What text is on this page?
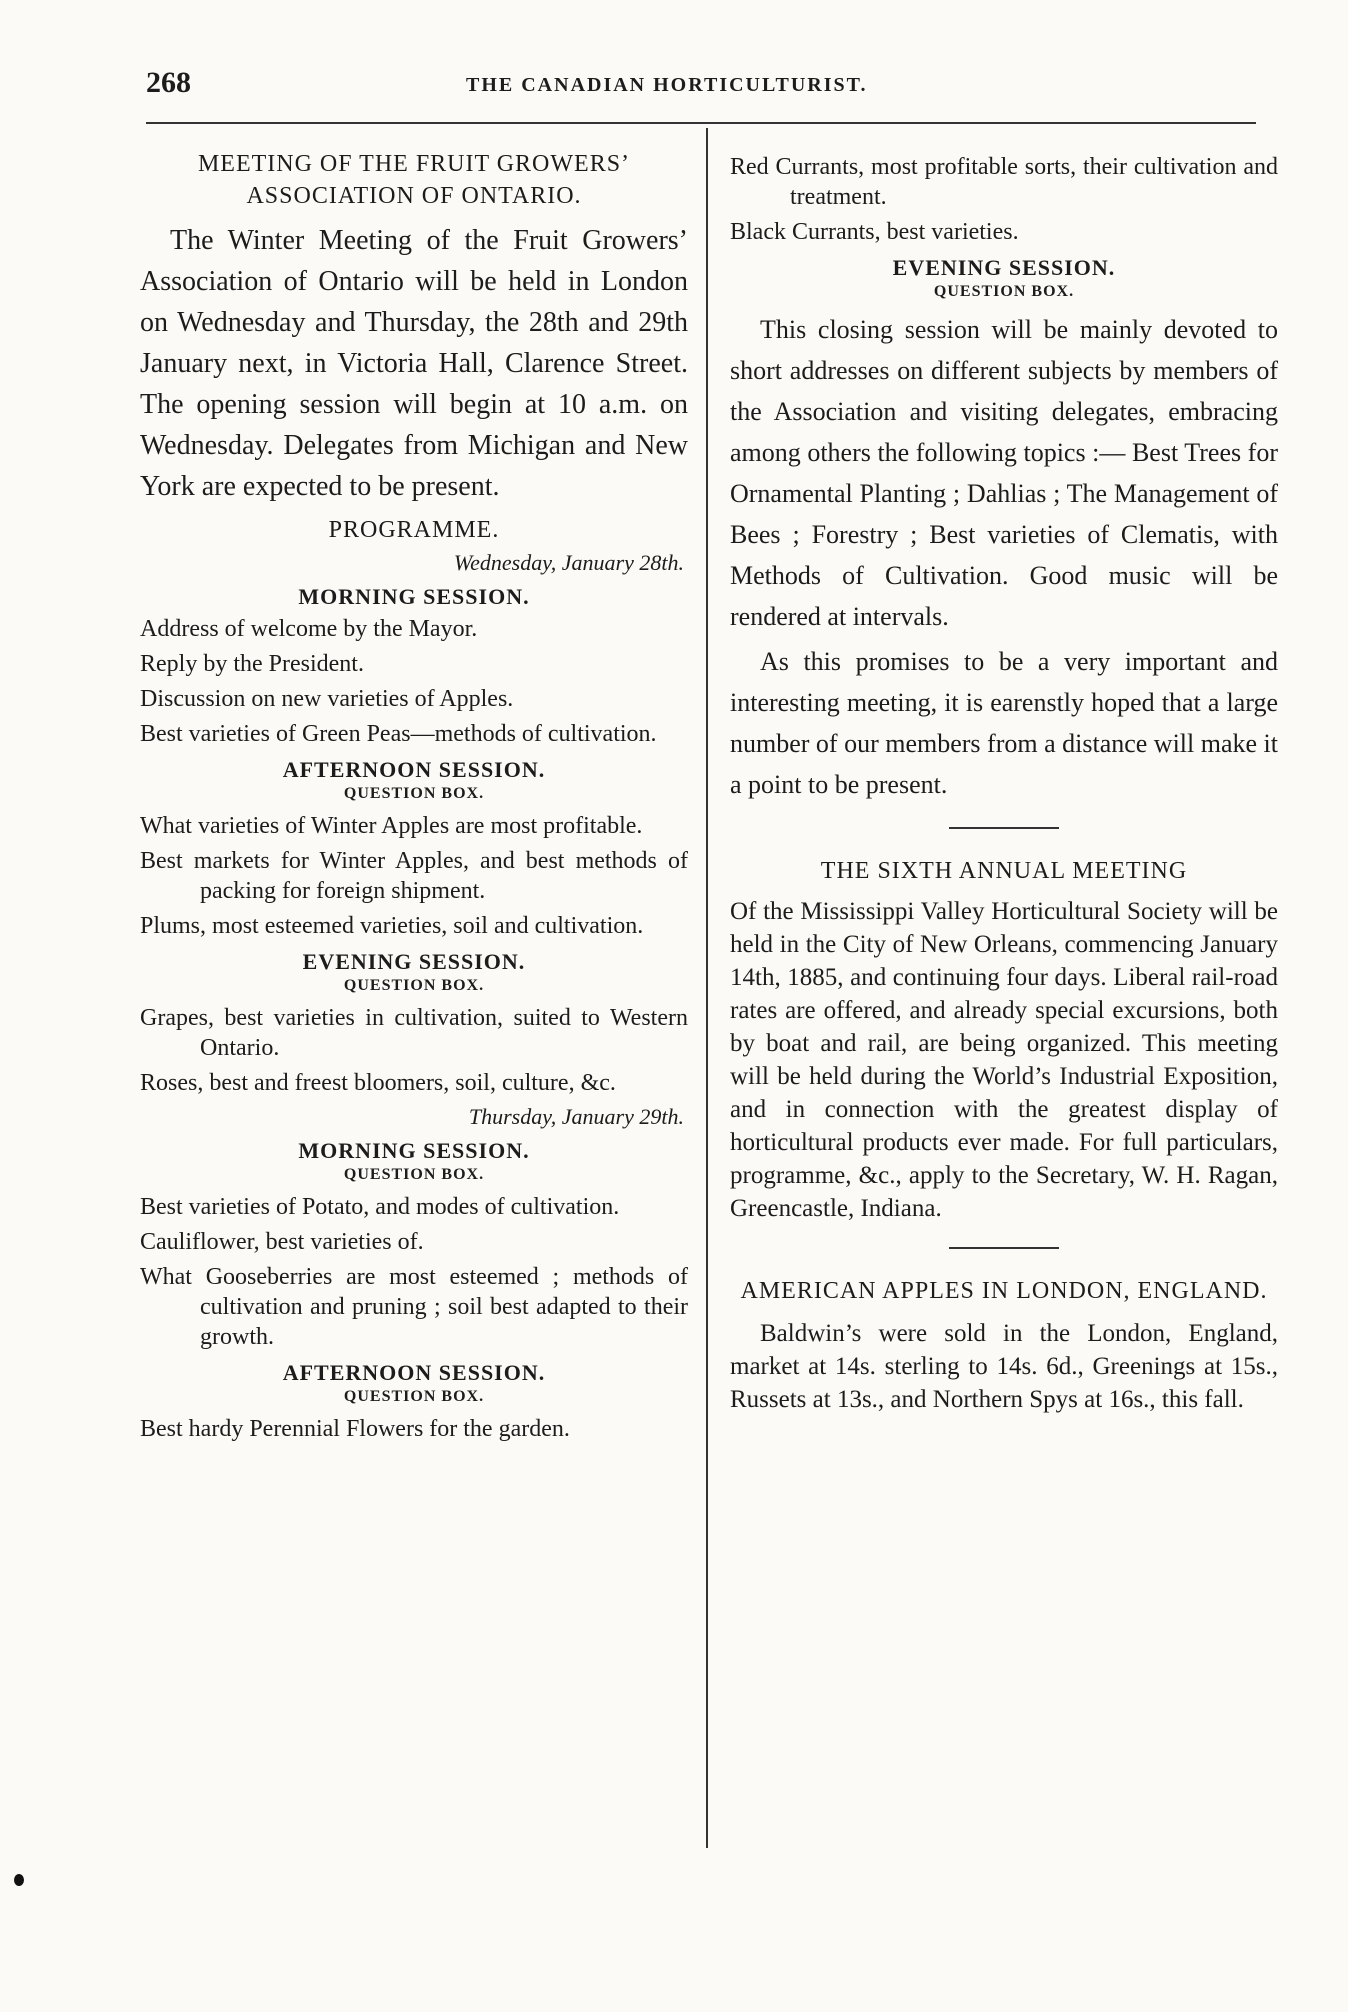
268	THE CANADIAN HORTICULTURIST.

MEETING OF THE FRUIT GROWERS’ ASSOCIATION OF ONTARIO.

The Winter Meeting of the Fruit Growers’ Association of Ontario will be held in London on Wednesday and Thursday, the 28th and 29th January next, in Victoria Hall, Clarence Street. The opening session will begin at 10 a.m. on Wednesday. Delegates from Michigan and New York are expected to be present.

PROGRAMME.

Wednesday, January 28th.

MORNING SESSION.

Address of welcome by the Mayor.

Reply by the President.

Discussion on new varieties of Apples.

Best varieties of Green Peas—methods of cultivation.

AFTERNOON SESSION.

QUESTION BOX.

What varieties of Winter Apples are most profitable.

Best markets for Winter Apples, and best methods of packing for foreign shipment.

Plums, most esteemed varieties, soil and cultivation.

EVENING SESSION.

QUESTION BOX.

Grapes, best varieties in cultivation, suited to Western Ontario.

Roses, best and freest bloomers, soil, culture, &c.

Thursday, January 29th.

MORNING SESSION.

QUESTION BOX.

Best varieties of Potato, and modes of cultivation.

Cauliflower, best varieties of.

What Gooseberries are most esteemed ; methods of cultivation and pruning ; soil best adapted to their growth.

AFTERNOON SESSION.

QUESTION BOX.

Best hardy Perennial Flowers for the garden.

Red Currants, most profitable sorts, their cultivation and treatment.

Black Currants, best varieties.

EVENING SESSION.

QUESTION BOX.

This closing session will be mainly devoted to short addresses on different subjects by members of the Association and visiting delegates, embracing among others the following topics :— Best Trees for Ornamental Planting ; Dahlias ; The Management of Bees ; Forestry ; Best varieties of Clematis, with Methods of Cultivation. Good music will be rendered at intervals.

As this promises to be a very important and interesting meeting, it is earenstly hoped that a large number of our members from a distance will make it a point to be present.

THE SIXTH ANNUAL MEETING

Of the Mississippi Valley Horticultural Society will be held in the City of New Orleans, commencing January 14th, 1885, and continuing four days. Liberal rail-road rates are offered, and already special excursions, both by boat and rail, are being organized. This meeting will be held during the World’s Industrial Exposition, and in connection with the greatest display of horticultural products ever made. For full particulars, programme, &c., apply to the Secretary, W. H. Ragan, Greencastle, Indiana.

AMERICAN APPLES IN LONDON, ENGLAND.

Baldwin’s were sold in the London, England, market at 14s. sterling to 14s. 6d., Greenings at 15s., Russets at 13s., and Northern Spys at 16s., this fall.
